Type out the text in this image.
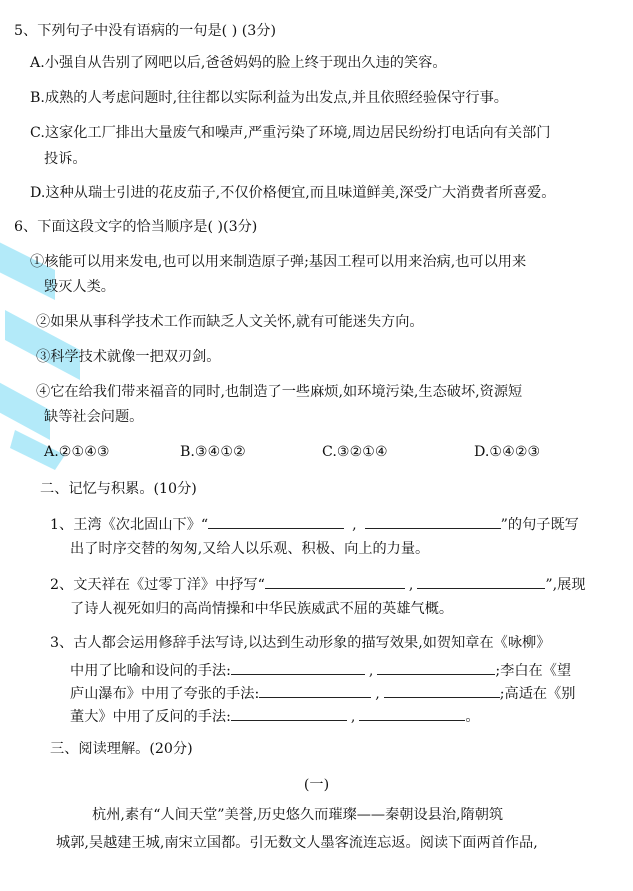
5、下列句子中没有语病的一句是( ) (3分)
A.小强自从告别了网吧以后,爸爸妈妈的脸上终于现出久违的笑容。
B.成熟的人考虑问题时,往往都以实际利益为出发点,并且依照经验保守行事。
C.这家化工厂排出大量废气和噪声,严重污染了环境,周边居民纷纷打电话向有关部门
投诉。
D.这种从瑞士引进的花皮茄子,不仅价格便宜,而且味道鲜美,深受广大消费者所喜爱。
6、下面这段文字的恰当顺序是( )(3分)
①核能可以用来发电,也可以用来制造原子弹;基因工程可以用来治病,也可以用来
毁灭人类。
②如果从事科学技术工作而缺乏人文关怀,就有可能迷失方向。
③科学技术就像一把双刃剑。
④它在给我们带来福音的同时,也制造了一些麻烦,如环境污染,生态破坏,资源短
缺等社会问题。
A.②①④③	B.③④①②	C.③②①④	D.①④②③
二、记忆与积累。(10分)
1、王湾《次北固山下》“	,	”的句子既写
出了时序交替的匆匆,又给人以乐观、积极、向上的力量。
2、文天祥在《过零丁洋》中抒写“	,	”,展现
了诗人视死如归的高尚情操和中华民族威武不屈的英雄气概。
3、古人都会运用修辞手法写诗,以达到生动形象的描写效果,如贺知章在《咏柳》
中用了比喻和设问的手法:	,	;李白在《望
庐山瀑布》中用了夸张的手法:	,	;高适在《别
董大》中用了反问的手法:	,	。
三、阅读理解。(20分)
(一)
杭州,素有“人间天堂”美誉,历史悠久而璀璨——秦朝设县治,隋朝筑
城郭,吴越建王城,南宋立国都。引无数文人墨客流连忘返。阅读下面两首作品,
